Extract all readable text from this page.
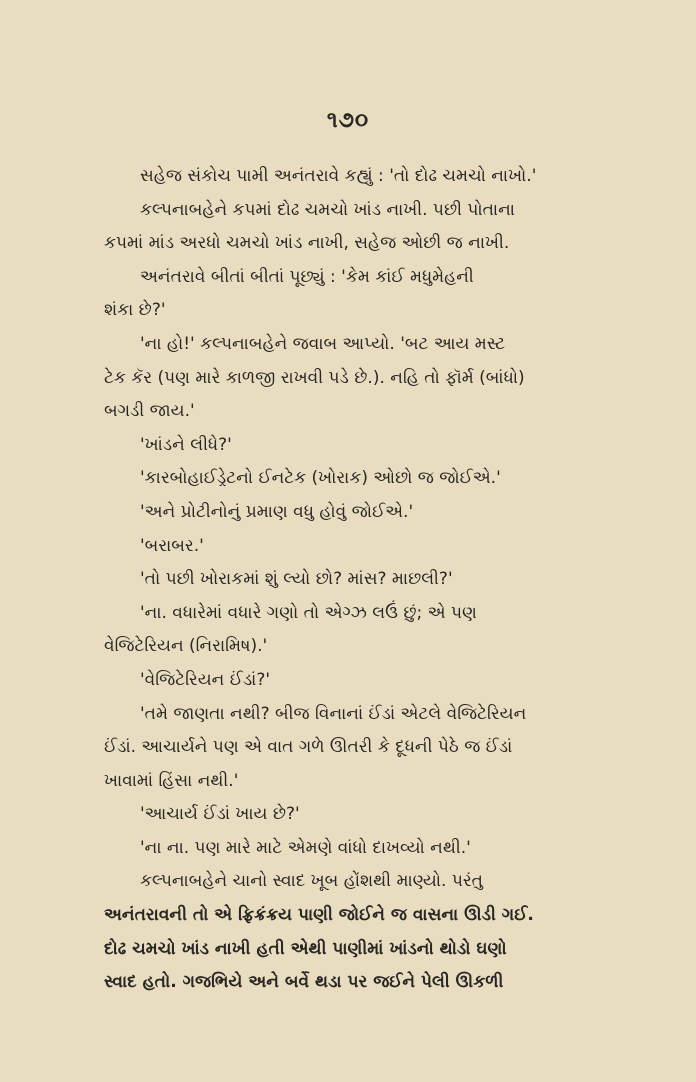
૧૭૦
સહેજ સંકોચ પામી અનંતરાવે કહ્યું : 'તો દોઢ ચમચો નાખો.'
કલ્પનાબહેને કપમાં દોઢ ચમચો ખાંડ નાખી. પછી પોતાના
કપમાં માંડ અરધો ચમચો ખાંડ નાખી, સહેજ ઓછી જ નાખી.
અનંતરાવે બીતાં બીતાં પૂછ્યું : 'કેમ કાંઈ મધુમેહની
શંકા છે?'
'ના હો!' કલ્પનાબહેને જવાબ આપ્યો. 'બટ આય મસ્ટ
ટેક કૅર (પણ મારે કાળજી રાખવી પડે છે.). નહિ તો ફૉર્મ (બાંધો)
બગડી જાય.'
'ખાંડને લીધે?'
'કારબોહાઈડ્રેટનો ઈનટેક (ખોરાક) ઓછો જ જોઈએ.'
'અને પ્રોટીનોનું પ્રમાણ વધુ હોવું જોઈએ.'
'બરાબર.'
'તો પછી ખોરાકમાં શું લ્યો છો? માંસ? માછલી?'
'ના. વધારેમાં વધારે ગણો તો એગ્ઝ લઉં છું; એ પણ
વેજિટેરિયન (નિરામિષ).'
'વેજિટેરિયન ઈંડાં?'
'તમે જાણતા નથી? બીજ વિનાનાં ઈંડાં એટલે વેજિટેરિયન
ઈંડાં. આચાર્યને પણ એ વાત ગળે ઊતરી કે દૂધની પેઠે જ ઈંડાં
ખાવામાં હિંસા નથી.'
'આચાર્ય ઈંડાં ખાય છે?'
'ના ના. પણ મારે માટે એમણે વાંધો દાખવ્યો નથી.'
કલ્પનાબહેને ચાનો સ્વાદ ખૂબ હોંશથી માણ્યો. પરંતુ
અનંતરાવની તો એ ફ્રિક્રંક્રય પાણી જોઈને જ વાસના ઊડી ગઈ.
દોઢ ચમચો ખાંડ નાખી હતી એથી પાણીમાં ખાંડનો થોડો ઘણો
સ્વાદ હતો. ગજભિયે અને બર્વે થડા પર જઈને પેલી ઊકળી
